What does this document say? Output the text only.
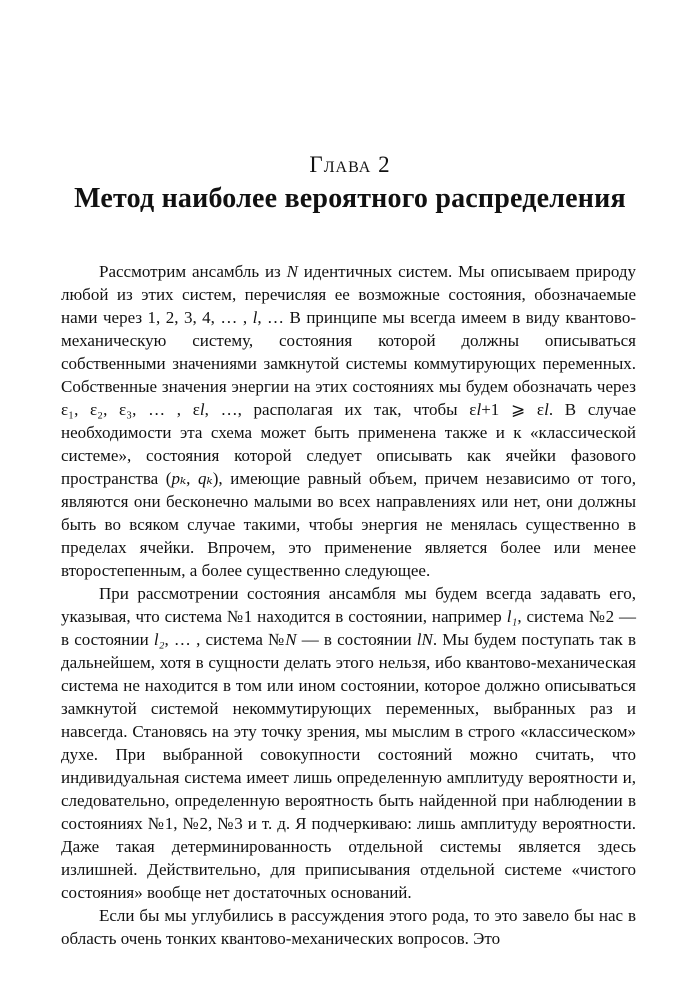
Глава 2
Метод наиболее вероятного распределения

Рассмотрим ансамбль из N идентичных систем. Мы описываем природу любой из этих систем, перечисляя ее возможные состояния, обозначаемые нами через 1, 2, 3, 4, … , l, … В принципе мы всегда имеем в виду квантово-механическую систему, состояния которой должны описываться собственными значениями замкнутой системы коммутирующих переменных. Собственные значения энергии на этих состояниях мы будем обозначать через ε₁, ε₂, ε₃, … , εl, …, располагая их так, чтобы εl+1 ⩾ εl. В случае необходимости эта схема может быть применена также и к «классической системе», состояния которой следует описывать как ячейки фазового пространства (pₖ, qₖ), имеющие равный объем, причем независимо от того, являются они бесконечно малыми во всех направлениях или нет, они должны быть во всяком случае такими, чтобы энергия не менялась существенно в пределах ячейки. Впрочем, это применение является более или менее второстепенным, а более существенно следующее.

При рассмотрении состояния ансамбля мы будем всегда задавать его, указывая, что система №1 находится в состоянии, например l₁, система №2 — в состоянии l₂, … , система №N — в состоянии lN. Мы будем поступать так в дальнейшем, хотя в сущности делать этого нельзя, ибо квантово-механическая система не находится в том или ином состоянии, которое должно описываться замкнутой системой некоммутирующих переменных, выбранных раз и навсегда. Становясь на эту точку зрения, мы мыслим в строго «классическом» духе. При выбранной совокупности состояний можно считать, что индивидуальная система имеет лишь определенную амплитуду вероятности и, следовательно, определенную вероятность быть найденной при наблюдении в состояниях №1, №2, №3 и т. д. Я подчеркиваю: лишь амплитуду вероятности. Даже такая детерминированность отдельной системы является здесь излишней. Действительно, для приписывания отдельной системе «чистого состояния» вообще нет достаточных оснований.

Если бы мы углубились в рассуждения этого рода, то это завело бы нас в область очень тонких квантово-механических вопросов. Это
